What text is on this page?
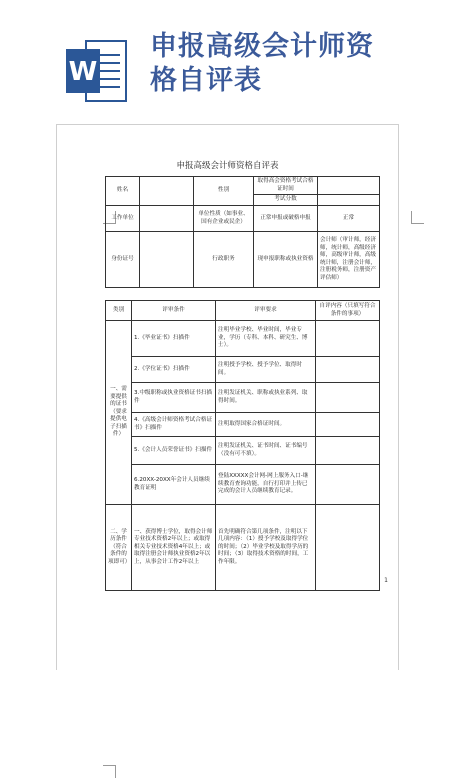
W
申报高级会计师资
格自评表
申报高级会计师资格自评表
姓名		性别	取得高会资格考试合格证时间	
			考试分数	
工作单位		单位性质（如事业、国有企业或民企）	正常申报或破格申报	正常
身份证号		行政职务	现申报职称或执业资格	会计师（审计师，经济师，统计师，高级经济师，高级审计师，高级统计师，注册会计师，注册税务师，注册资产评估师）
类别	评审条件	评审要求	自评内容（只填写符合条件的事项）
一、需要提供的证书（要求提供电子扫描件）	1.《毕业证书》扫描件	注明毕业学校、毕业时间，毕业专业，学历（专科、本科、研究生、博士）。	
	2.《学位证书》扫描件	注明授予学校、授予学位、取得时间。	
	3.中级职称或执业资格证书扫描件	注明发证机关、职称或执业系列、取得时间。	
	4.《高级会计师资格考试合格证书》扫描件	注明取得国家合格证时间。	
	5.《会计人员荣誉证书》扫描件	注明发证机关、证书时间、证书编号（没有可不填）。	
	6.20XX-20XX年会计人员继续教育证明	登陆XXXXX会计网-网上服务入口-继续教育查询功能，自行打印并上传已完成的会计人员继续教育记录。	
二、学历条件（符合条件的项即可）	一、获得博士学位，取得会计师专业技术资格2年以上；或取得相关专业技术资格4年以上；或取得注册会计师执业资格2年以上，从事会计工作2年以上	首先明确符合第几项条件，注明以下几项内容：（1）授予学校及取得学位的时间；（2）毕业学校及取得学历的时间；（3）取得技术资格的时间，工作年限。	
1
